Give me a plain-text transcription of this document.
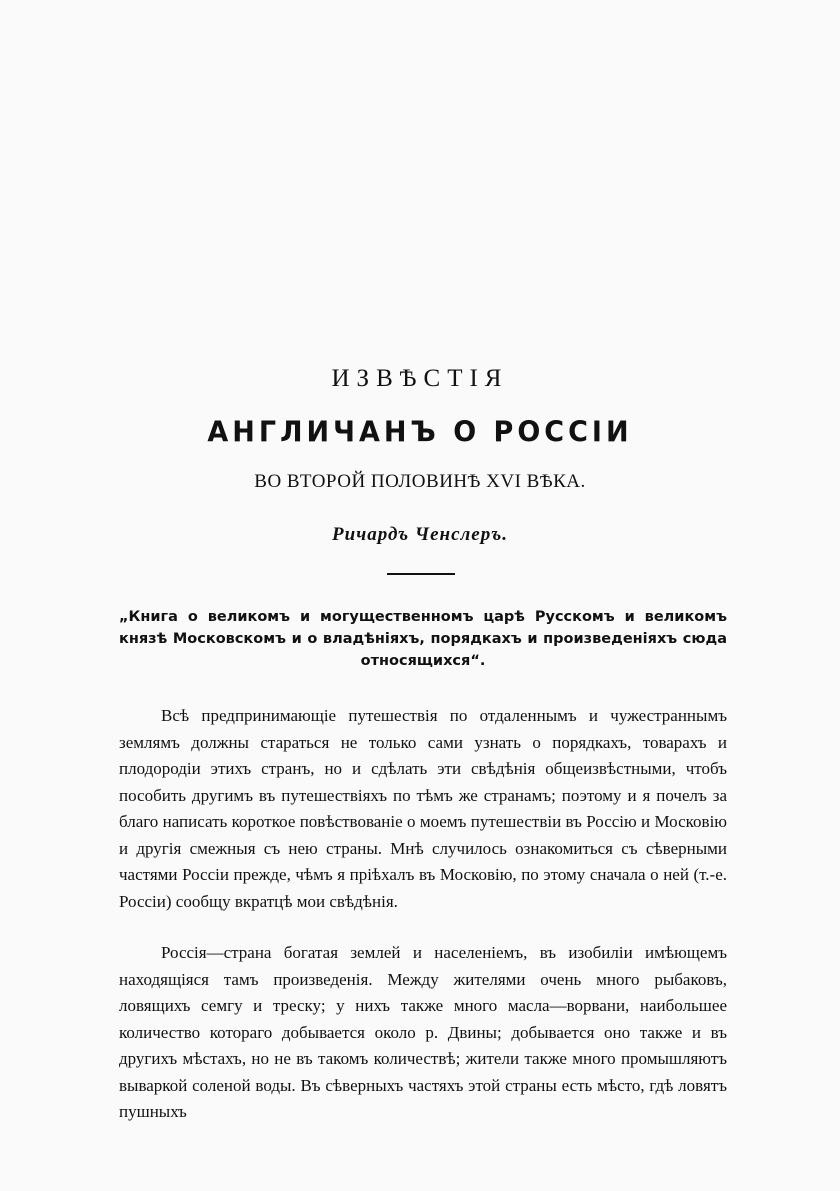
ИЗВѢСТІЯ
АНГЛИЧАНЪ О РОССІИ
ВО ВТОРОЙ ПОЛОВИНѢ XVI ВѢКА.
Ричардъ Ченслеръ.
„Книга о великомъ и могущественномъ царѣ Русскомъ и великомъ князѣ Московскомъ и о владѣніяхъ, порядкахъ и произведеніяхъ сюда относящихся“.
Всѣ предпринимающіе путешествія по отдаленнымъ и чужестраннымъ землямъ должны стараться не только сами узнать о порядкахъ, товарахъ и плодородіи этихъ странъ, но и сдѣлать эти свѣдѣнія общеизвѣстными, чтобъ пособить другимъ въ путешествіяхъ по тѣмъ же странамъ; поэтому и я почелъ за благо написать короткое повѣствованіе о моемъ путешествіи въ Россію и Московію и другія смежныя съ нею страны. Мнѣ случилось ознакомиться съ сѣверными частями Россіи прежде, чѣмъ я пріѣхалъ въ Московію, по этому сначала о ней (т.-е. Россіи) сообщу вкратцѣ мои свѣдѣнія.
Россія—страна богатая землей и населеніемъ, въ изобиліи имѣющемъ находящіяся тамъ произведенія. Между жителями очень много рыбаковъ, ловящихъ семгу и треску; у нихъ также много масла—ворвани, наибольшее количество котораго добывается около р. Двины; добывается оно также и въ другихъ мѣстахъ, но не въ такомъ количествѣ; жители также много промышляютъ вываркой соленой воды. Въ сѣверныхъ частяхъ этой страны есть мѣсто, гдѣ ловятъ пушныхъ
